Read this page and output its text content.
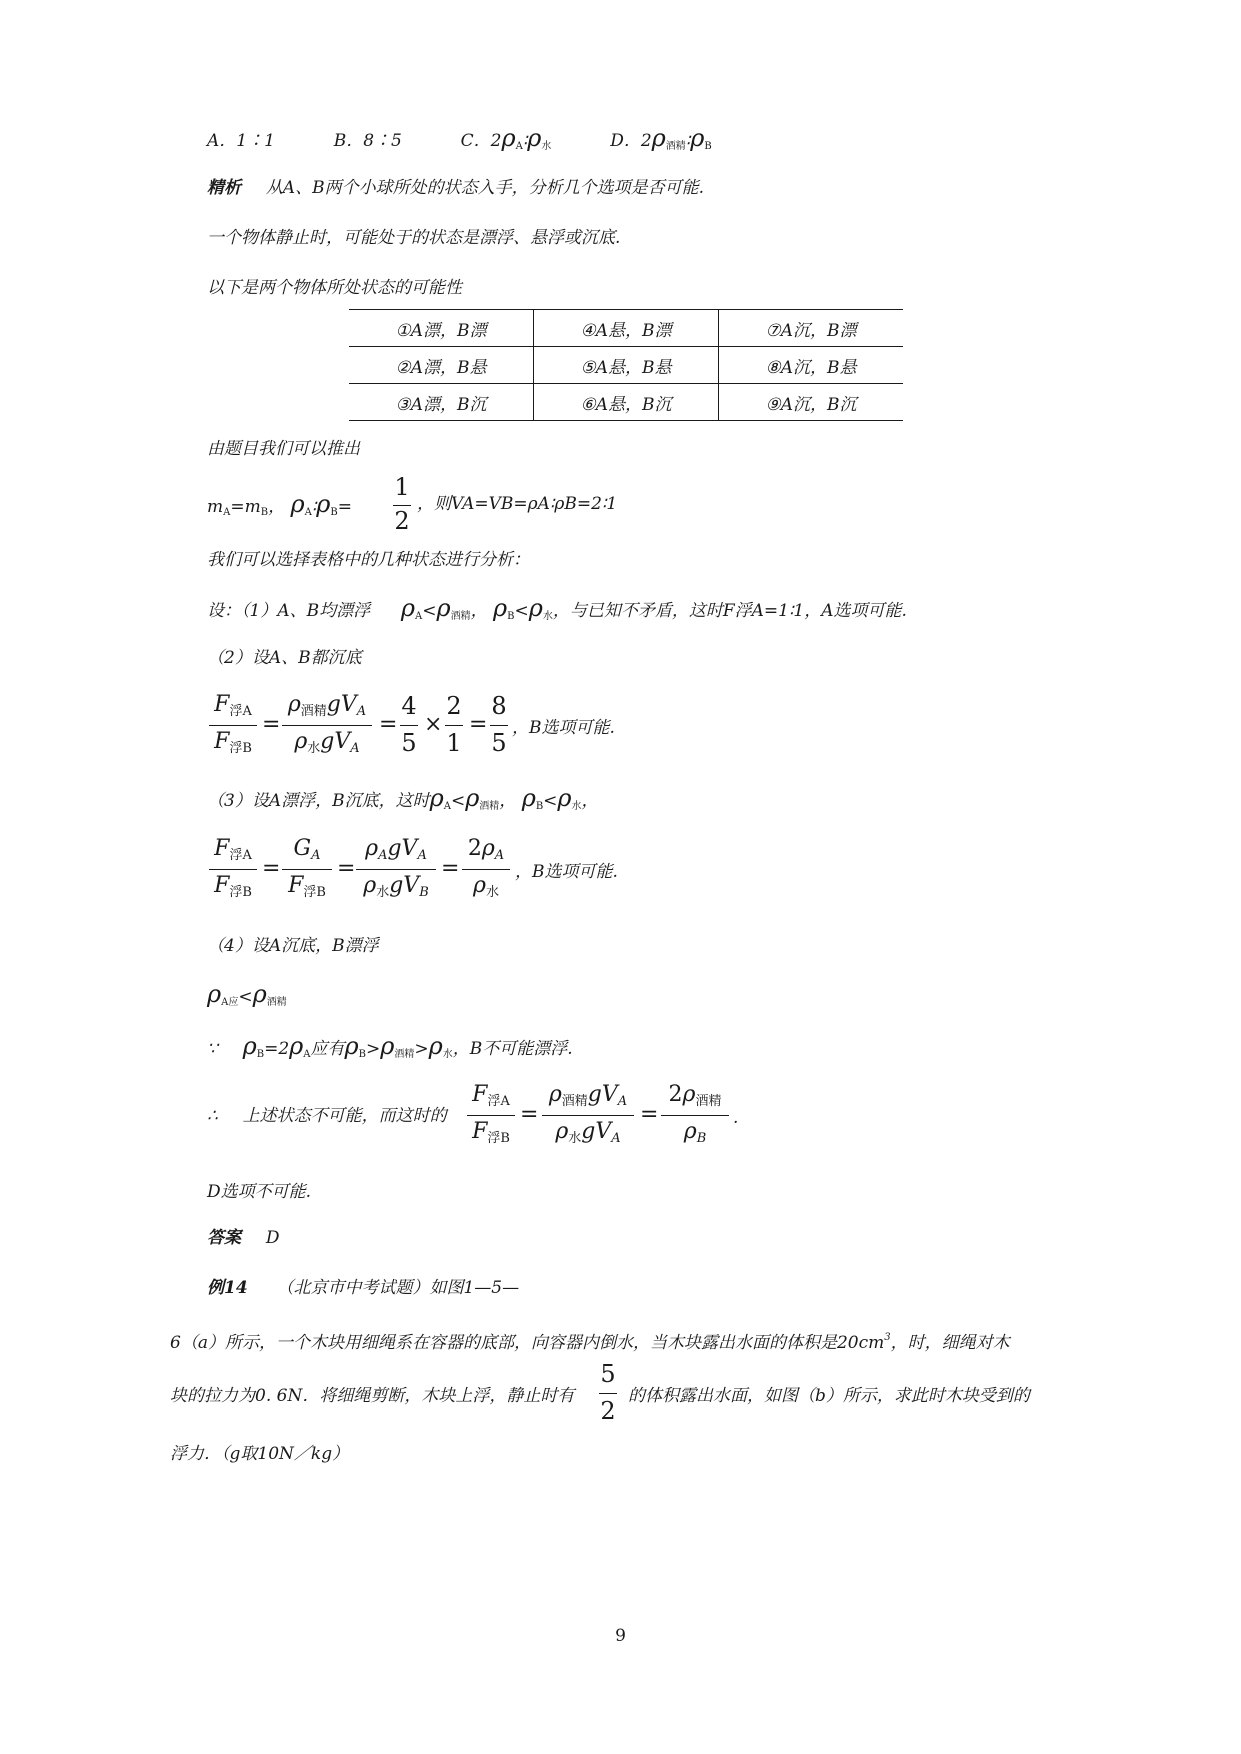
A．1∶1	B．8∶5	C．$2\rho_A∶\rho_水$	D．$2\rho_{酒精}∶\rho_B$
精析 从A、B两个小球所处的状态入手，分析几个选项是否可能.
一个物体静止时，可能处于的状态是漂浮、悬浮或沉底.
以下是两个物体所处状态的可能性
①A漂，B漂	④A悬，B漂	⑦A沉，B漂
②A漂，B悬	⑤A悬，B悬	⑧A沉，B悬
③A漂，B沉	⑥A悬，B沉	⑨A沉，B沉
由题目我们可以推出
$m_A=m_B$， $\rho_A∶\rho_B=$
1
2
，则VA=VB=ρA∶ρB=2∶1
我们可以选择表格中的几种状态进行分析：
设：（1）A、B均漂浮 $\rho_A<\rho_{酒精}$， $\rho_B<\rho_水$，与已知不矛盾，这时F浮A=1∶1，A选项可能.
（2）设A、B都沉底
F浮A
F浮B
=
ρ酒精gVA
ρ水gVA
=
4
5
×
2
1
=
8
5
，B选项可能.
（3）设A漂浮，B沉底，这时$\rho_A<\rho_{酒精}$， $\rho_B<\rho_水$，
F浮A
F浮B
=
GA
F浮B
=
ρAgVA
ρ水gVB
=
2ρA
ρ水
，B选项可能.
（4）设A沉底，B漂浮
$\rho_{A应}<\rho_{酒精}$
∵  $\rho_B=2\rho_A$应有$\rho_B>\rho_{酒精}>\rho_水$，B不可能漂浮.
∴  上述状态不可能，而这时的
F浮A
F浮B
=
ρ酒精gVA
ρ水gVA
=
2ρ酒精
ρB
.
D选项不可能.
答案 D
例14 （北京市中考试题）如图1—5—
6（a）所示，一个木块用细绳系在容器的底部，向容器内倒水，当木块露出水面的体积是$20cm^3$，时，细绳对木
块的拉力为0. 6N．将细绳剪断，木块上浮，静止时有
5
2
的体积露出水面，如图（b）所示，求此时木块受到的
浮力．（g取10N／kg）
9
